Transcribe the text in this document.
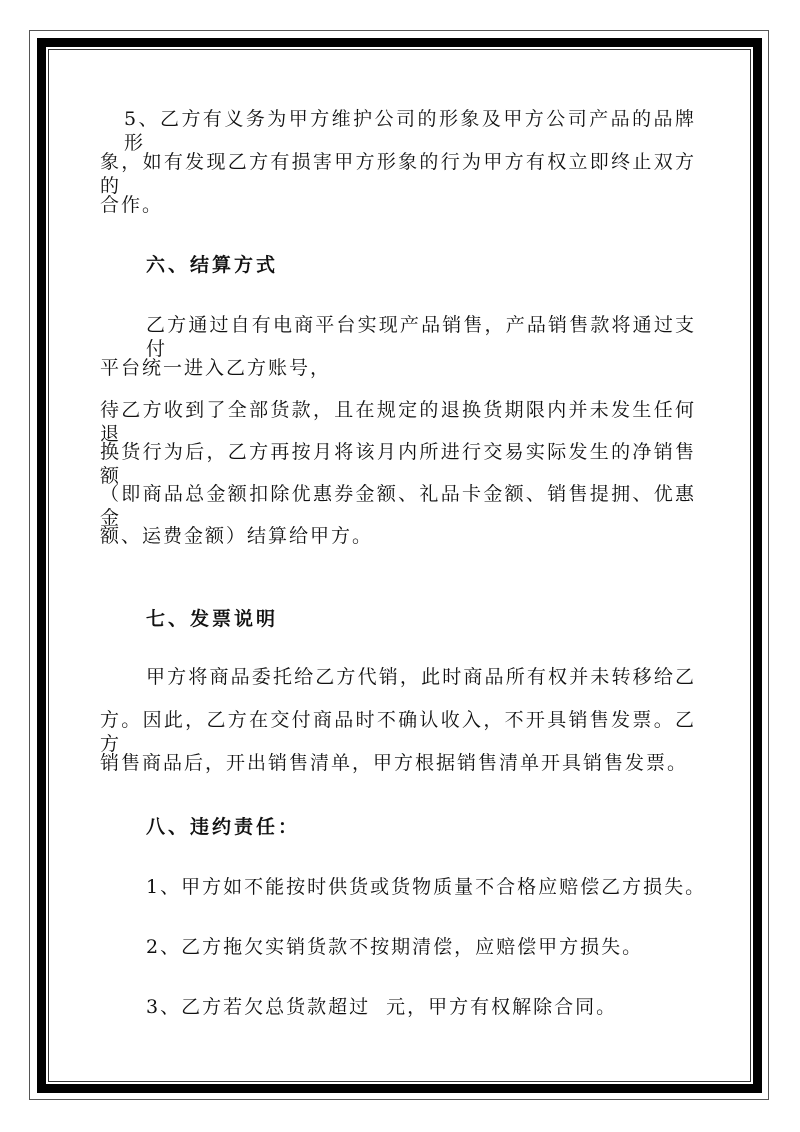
5、乙方有义务为甲方维护公司的形象及甲方公司产品的品牌形
象，如有发现乙方有损害甲方形象的行为甲方有权立即终止双方的
合作。
六、结算方式
乙方通过自有电商平台实现产品销售，产品销售款将通过支付
平台统一进入乙方账号，
待乙方收到了全部货款，且在规定的退换货期限内并未发生任何退
换货行为后，乙方再按月将该月内所进行交易实际发生的净销售额
（即商品总金额扣除优惠券金额、礼品卡金额、销售提拥、优惠金
额、运费金额）结算给甲方。
七、发票说明
甲方将商品委托给乙方代销，此时商品所有权并未转移给乙
方。因此，乙方在交付商品时不确认收入，不开具销售发票。乙方
销售商品后，开出销售清单，甲方根据销售清单开具销售发票。
八、违约责任：
1、甲方如不能按时供货或货物质量不合格应赔偿乙方损失。
2、乙方拖欠实销货款不按期清偿，应赔偿甲方损失。
3、乙方若欠总货款超过  元，甲方有权解除合同。
